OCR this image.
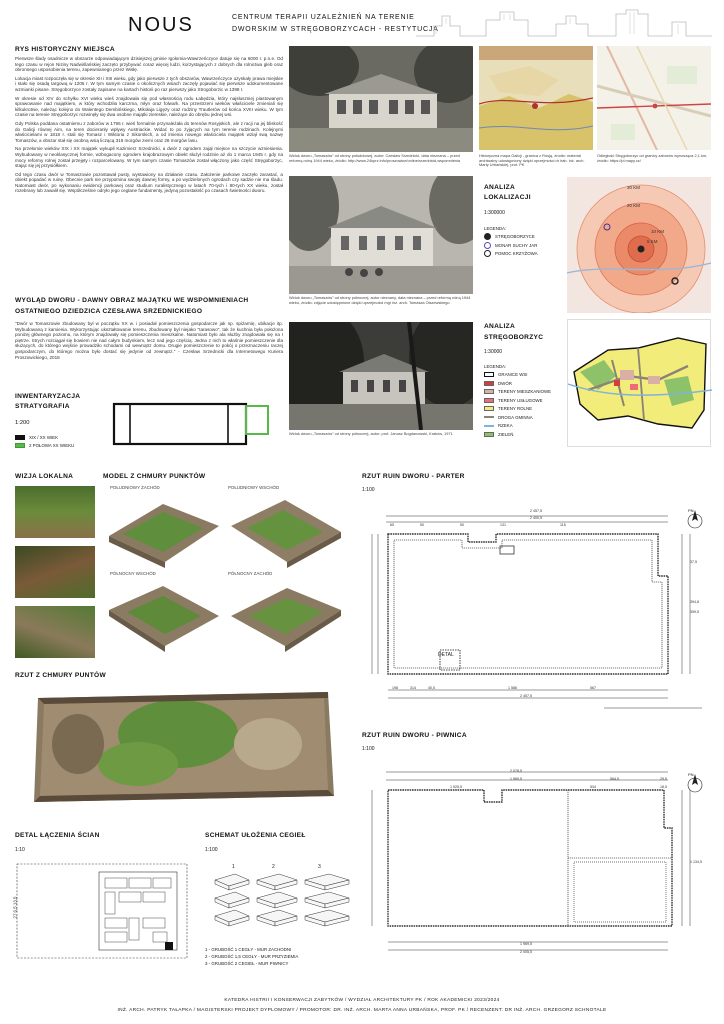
NOUS	CENTRUM TERAPII UZALEŻNIEŃ NA TERENIE
DWORSKIM W STRĘGOBORZYCACH - RESTYTUCJA
RYS HISTORYCZNY MIEJSCA

Pierwsze ślady osadnicze w obszarze odpowiadającym dzisiejszej gminie Igołomia-Wawrzeńczyce datuje się na 6000 r. p.n.e. Od tego czasu w rejon Niziny Nadwiślańskiej zaczęto przybywać coraz więcej ludzi, korzystających z dobrych dla rolnictwa gleb oraz obronnego usposobienia terenu, zapewnianego przez Wisłę.

Lokacja miast rozpoczęła się w okresie XII i XIII wieku, gdy jako pierwsze z tych obszarów, Wawrzeńczyce uzyskały prawa miejskie i stało się osadą targową w 1205 r. W tym samym czasie o okolicznych wsiach zaczęły pojawiać się pierwsze udokumentowane wzmianki pisane. Stręgoborzyce zostały zapisane na kartach historii po raz pierwszy jako Strogoborzic w 1398 r.

W okresie od XIV do schyłku XVI wieku wieś znajdowała się pod własnością rodu Łabędzia, który najsłuszniej piastowanym sprawowanie nad majątkiem, w który wchodziła karczma, młyn oraz folwark. Na przestrzeni wieków właściciele zmieniali się kilkukrotnie, należąc kolejno do Walentego Dembińskiego, Mikołaja Ligęzy oraz rodziny Trautlerów od końca XVIII wieku. W tym czasie na terenie Stręgoborzyc rozwinęły się dwa osobne majątki ziemskie, należące do obrębu jednej wsi.

Gdy Polska poddana ostatniemu z zaborów w 1795 r. wieś formalnie przynależała do terenów Rosyjskich, ale z racji na jej bliskość do Galicji równej Aim, na teren docieranły wpływy Austriackie. Widać to po żyjących na tym terenie rodzinach. Kolejnymi właścicielami w 1818 r. stali się Tomasz i Wiktoria z Sikorskich, a od imienia nowego właściciela majątek wziął swą nazwę Tomaszów, a obszar stał się osobną wsią liczącą 316 morgów ziemi oraz 28 morgów lasu.

Na przełomie wieków XIX i XX majątek wykupił Kazimierz Srzednicki, a dwór z ogrodem zajął miejsce na szczycie wzniesienia. Wybudowany w neoklasycznej formie, wzbogacony ogrodem krajobrazowym obiekt służył rodzinie aż do 1 marca 1945 r. gdy na mocy reformy rolnej został przejęty i rozparcelowany. W tym samym czasie Tomaszów został włączony jako część Stręgoborzyc, stając się jej przysiółkiem.

Od tego czasu dwór w Tomaszowie pozostawał pusty, wystawiony na działanie czasu. Założenie parkowe zaczęło zarastać, a obiekt popadać w ruinę. Obecnie park nie przypomina swojej dawnej formy, a po wydzielonych ogrodach czy sadzie nie ma śladu. Natomiast dwór, po wykonaniu ewidencji parkowej oraz studium ruralistycznego w latach 70-tych i 80-tych XX wieku, został rozebrany lub zawalił się. Współcześnie odryło jego ceglane fundamenty, jedyną pozostałość po czasach świetności dworu.

WYGLĄD DWORU - DAWNY OBRAZ MAJĄTKU WE WSPOMNIENIACH
OSTATNIEGO DZIEDZICA CZESŁAWA SRZEDNICKIEGO

"Dwór w Tomaszowie zbudowany był w początku XX w. i posiadał pomieszczenia gospodarcze jak np. spiżarnię, ubikacje itp. Wybudowaną z kamienia. Wykorzystując ukształtowanie terenu, zbudowany był niejako "tarasowo", tak że kuchnia była położona poniżej głównego poziomu, na którym znajdowały się pomieszczenia mieszkalne. Natomiast było ala służby znajdowała się na I piętrze. Strych rozciągał się bowiem nie nad całym budynkiem, lecz nad jego częścią. Jedna z nich to właśnie pomieszczenie dla służących, do którego wejście prowadziło schodami od wewnątrz domu. Drugie pomieszczenie to pokój o przeznaczeniu raczej gospodarczym, do którego można było dostać się jedynie od zewnątrz." - Czesław Srzednicki dla Internetowego Kuriera Proszowickiego, 2018

INWENTARYZACJA
STRATYGRAFIA
1:200
XIX / XX WIEK
2 POŁOWA XX WIEKU

Widok dworu „Tomaszów” od strony południowej, autor: Czesław Srzednicki, data nieznana – przed reformą rolną 1944 wieku, źródło: http://www.24kprz.info/proszowice/online/srzednicki,wspomnienia

Widok dworu „Tomaszów” od strony północnej, autor nieznany, data nieznana – przed reformą rolną 1944 wieku, źródło: zdjęcie udostępnione dzięki uprzejmości mgr inż. arch. Tomasza Olszewskiego

Widok dworu „Tomaszów” od strony północnej, autor: prof. Janusz Bogdanowski, Kraków, 1971

Historyczna mapa Galicji - granica z Rosją, źródło: materiał archiwalny udostępniony dzięki uprzejmości dr hab. inż. arch. Marty Urbańskiej, prof. PK

Odległość Stręgoborzyc od granicy zaborów wynosząca 2,1 km, źródło: https://pl.mapy.cz/

ANALIZA
LOKALIZACJI
1:300000
LEGENDA:
STRĘGOBORZYCE
MONAR SUCHY JAR
POMOC KRZYŻOWA
30 KM
20 KM
10 KM
5 KM
ANALIZA
STRĘGOBORZYC
1:30000
LEGENDA:
GRANICE WSI
DWÓR
TERENY MIESZKANIOWE
TERENY USŁUGOWE
TERENY ROLNE
DROGA GMINNA
RZEKA
ZIELEŃ
WIZJA LOKALNA	MODEL Z CHMURY PUNKTÓW
POŁUDNIOWY ZACHÓD	POŁUDNIOWY WSCHÓD
PÓŁNOCNY WSCHÓD	PÓŁNOCNY ZACHÓD
RZUT Z CHMURY PUNTÓW
RZUT RUIN DWORU - PARTER
1:100
PN
2 457,5
2 400,5
65	50	50	131	115
DETAL
198	314	40,5	1 586	567
2 457,5
394,8
359,5
37,5
RZUT RUIN DWORU - PIWNICA
1:100
PN
2 078,5
1 969,5
1 925,5
29,5
18,5
534
564,5
1 969,5
2 005,5
1 134,5
DETAL ŁĄCZENIA ŚCIAN
1:10
27 0,5 13,5
SCHEMAT UŁOŻENIA CEGIEŁ
1:100
1	2	3
1 - GRUBOŚĆ 1 CEGŁY - MUR ZACHODNI
2 - GRUBOŚĆ 1,5 CEGŁY - MUR PRZYZIEMIA
3 - GRUBOŚĆ 2 CEGIEŁ - MUR PIWNICY
KATEDRA HISTRII I KONSERWACJI ZABYTKÓW / WYDZIAŁ ARCHITEKTURY PK / ROK AKADEMICKI 2023/2024
INŻ. ARCH. PATRYK TAŁAPKA / MAGISTERSKI PROJEKT DYPLOMOWY / PROMOTOR: DR. INŻ. ARCH. MARTA ANNA URBAŃSKA, PROF. PK / RECENZENT: DR INŻ. ARCH. GRZEGORZ SCHNOTALE
